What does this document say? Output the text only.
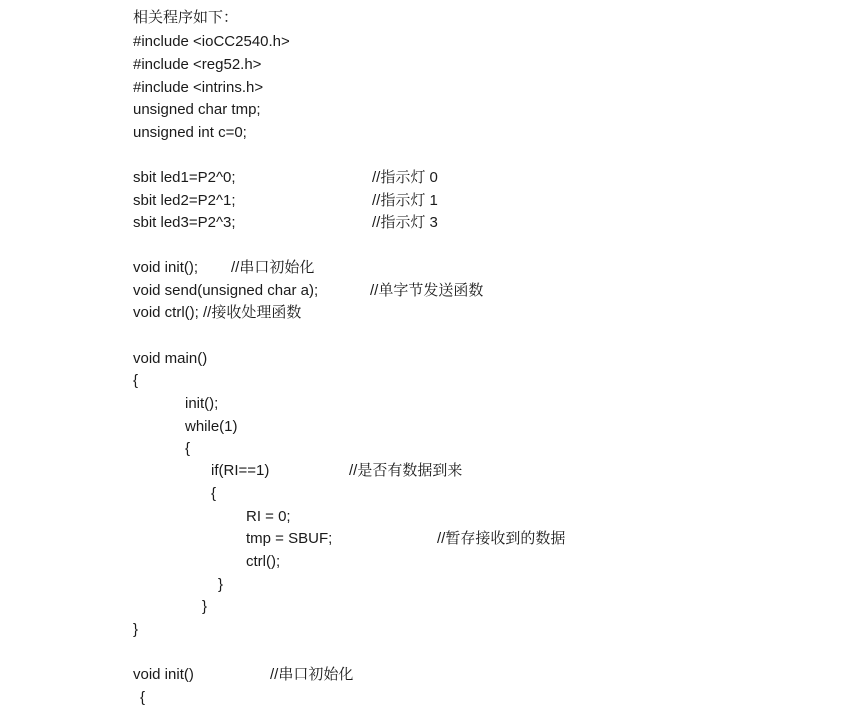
相关程序如下：
#include <ioCC2540.h>
#include <reg52.h>
#include <intrins.h>
unsigned char tmp;
unsigned int c=0;
sbit led1=P2^0;	//指示灯 0
sbit led2=P2^1;	//指示灯 1
sbit led3=P2^3;	//指示灯 3
void init(); //串口初始化
void send(unsigned char a);	//单字节发送函数
void ctrl(); //接收处理函数
void main()
{
init();
while(1)
{
if(RI==1)	//是否有数据到来
{
RI = 0;
tmp = SBUF;	//暂存接收到的数据
ctrl();
}
}
}
void init()	//串口初始化
{
